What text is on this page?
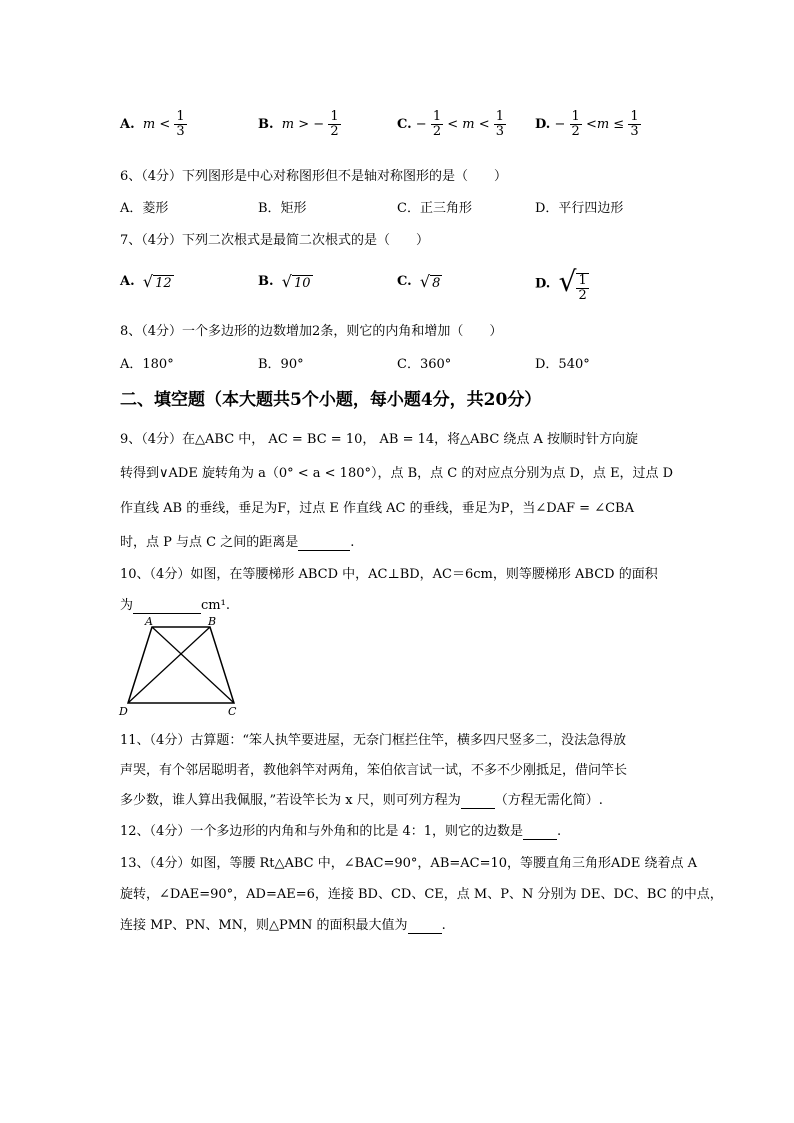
A. $m < \frac{1}{3}$	B. m > − $\frac{1}{2}$	C. − $\frac{1}{2} < m < \frac{1}{3} D$. − $\frac{1}{2} <m \le \frac{1}{3}$
6、（4分）下列图形是中心对称图形但不是轴对称图形的是（　　）
A．菱形	B．矩形	C．正三角形	D．平行四边形
7、（4分）下列二次根式是最简二次根式的是（　　）
A. √ 12	B. √ 10	C. √ 8	D. √ $\frac{1}{2}$
8、（4分）一个多边形的边数增加2条，则它的内角和增加（　　）
A．180°	B．90°	C．360°	D．540°
二、填空题（本大题共5个小题，每小题4分，共20分）
9、（4分）在△ABC 中， AC = BC = 10， AB = 14，将△ABC 绕点 A 按顺时针方向旋
转得到∨ADE 旋转角为 a（0° < a < 180°），点 B，点 C 的对应点分别为点 D，点 E，过点 D
作直线 AB 的垂线，垂足为F，过点 E 作直线 AC 的垂线，垂足为P，当∠DAF = ∠CBA
时，点 P 与点 C 之间的距离是	.
10、（4分）如图，在等腰梯形 ABCD 中，AC⊥BD，AC＝6cm，则等腰梯形 ABCD 的面积
为	cm¹.
A	B
C
D
11、（4分）古算题：“笨人执竿要进屋，无奈门框拦住竿，横多四尺竖多二，没法急得放
声哭，有个邻居聪明者，教他斜竿对两角，笨伯依言试一试，不多不少刚抵足，借问竿长
多少数，谁人算出我佩服，”若设竿长为 x 尺，则可列方程为	（方程无需化简）.
12、（4分）一个多边形的内角和与外角和的比是 4：1，则它的边数是	.
13、（4分）如图，等腰 Rt△ABC 中，∠BAC=90°，AB=AC=10，等腰直角三角形ADE 绕着点 A
旋转，∠DAE=90°，AD=AE=6，连接 BD、CD、CE，点 M、P、N 分别为 DE、DC、BC 的中点，
连接 MP、PN、MN，则△PMN 的面积最大值为	.
